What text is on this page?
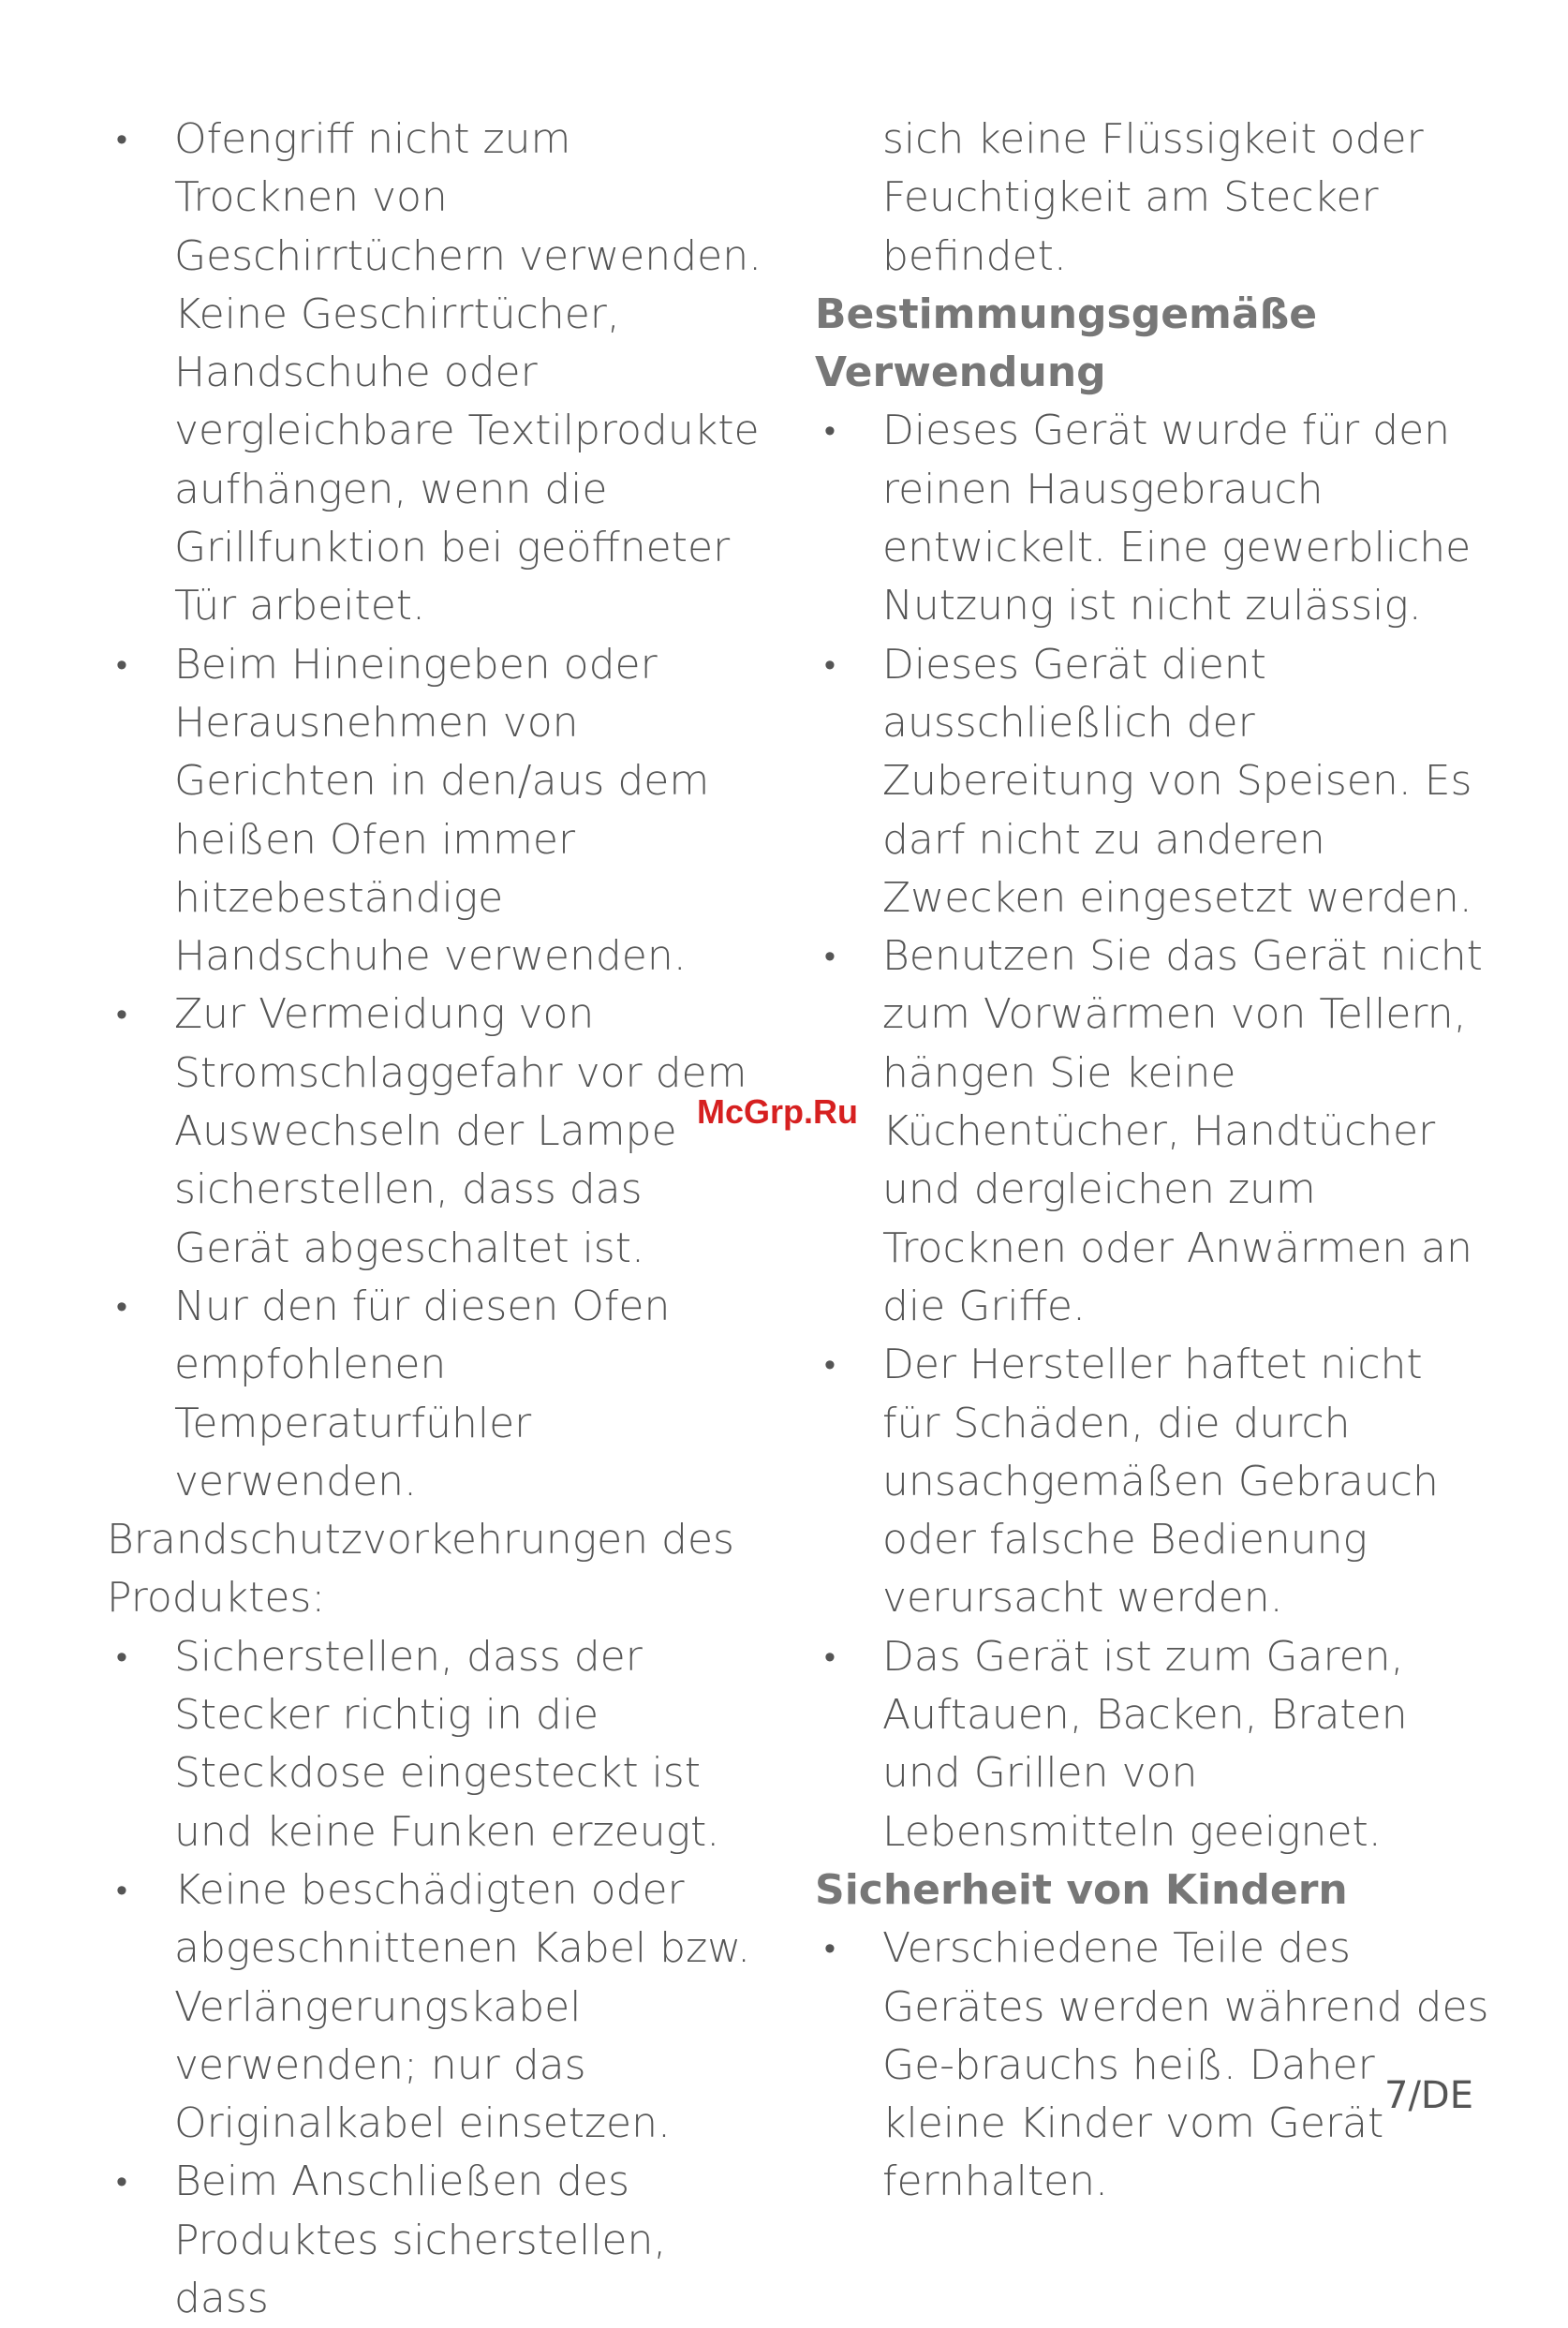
• Ofengriff nicht zum Trocknen von Geschirrtüchern verwenden. Keine Geschirrtücher, Handschuhe oder vergleichbare Textilprodukte aufhängen, wenn die Grillfunktion bei geöffneter Tür arbeitet.
• Beim Hineingeben oder Herausnehmen von Gerichten in den/aus dem heißen Ofen immer hitzebeständige Handschuhe verwenden.
• Zur Vermeidung von Stromschlaggefahr vor dem Auswechseln der Lampe sicherstellen, dass das Gerät abgeschaltet ist.
• Nur den für diesen Ofen empfohlenen Temperaturfühler verwenden.

Brandschutzvorkehrungen des Produktes:

• Sicherstellen, dass der Stecker richtig in die Steckdose eingesteckt ist und keine Funken erzeugt.
• Keine beschädigten oder abgeschnittenen Kabel bzw. Verlängerungskabel verwenden; nur das Originalkabel einsetzen.
• Beim Anschließen des Produktes sicherstellen, dass

sich keine Flüssigkeit oder Feuchtigkeit am Stecker befindet.

Bestimmungsgemäße Verwendung
• Dieses Gerät wurde für den reinen Hausgebrauch entwickelt. Eine gewerbliche Nutzung ist nicht zulässig.
• Dieses Gerät dient ausschließlich der Zubereitung von Speisen. Es darf nicht zu anderen Zwecken eingesetzt werden.
• Benutzen Sie das Gerät nicht zum Vorwärmen von Tellern, hängen Sie keine Küchentücher, Handtücher und dergleichen zum Trocknen oder Anwärmen an die Griffe.
• Der Hersteller haftet nicht für Schäden, die durch unsachgemäßen Gebrauch oder falsche Bedienung verursacht werden.
• Das Gerät ist zum Garen, Auftauen, Backen, Braten und Grillen von Lebensmitteln geeignet.
Sicherheit von Kindern
• Verschiedene Teile des Gerätes werden während des Ge-brauchs heiß. Daher kleine Kinder vom Gerät fernhalten.
McGrp.Ru
7/DE
